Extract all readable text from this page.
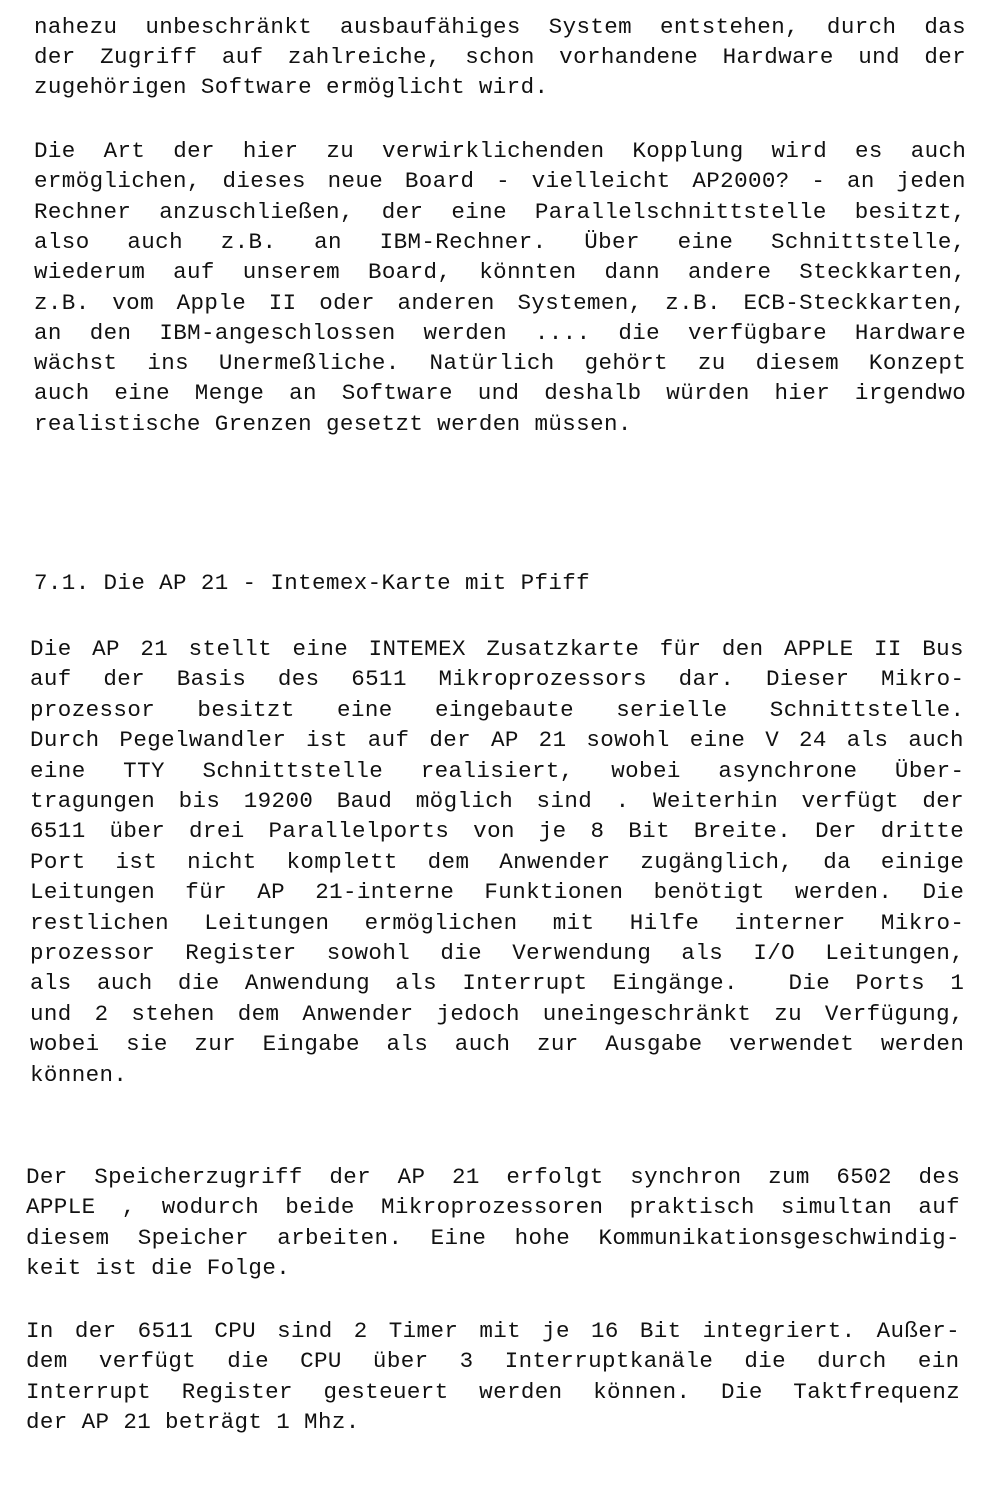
nahezu unbeschränkt ausbaufähiges System entstehen, durch das
der Zugriff auf zahlreiche, schon vorhandene Hardware und der
zugehörigen Software ermöglicht wird.
Die Art der hier zu verwirklichenden Kopplung wird es auch
ermöglichen, dieses neue Board - vielleicht AP2000? - an jeden
Rechner anzuschließen, der eine Parallelschnittstelle besitzt,
also auch z.B. an IBM-Rechner. Über eine Schnittstelle,
wiederum auf unserem Board, könnten dann andere Steckkarten,
z.B. vom Apple II oder anderen Systemen, z.B. ECB-Steckkarten,
an den IBM-angeschlossen werden .... die verfügbare Hardware
wächst ins Unermeßliche. Natürlich gehört zu diesem Konzept
auch eine Menge an Software und deshalb würden hier irgendwo
realistische Grenzen gesetzt werden müssen.
7.1. Die AP 21 - Intemex-Karte mit Pfiff
Die AP 21 stellt eine INTEMEX Zusatzkarte für den APPLE II Bus
auf der Basis des 6511 Mikroprozessors dar. Dieser Mikro-
prozessor besitzt eine eingebaute serielle Schnittstelle.
Durch Pegelwandler ist auf der AP 21 sowohl eine V 24 als auch
eine TTY Schnittstelle realisiert, wobei asynchrone Über-
tragungen bis 19200 Baud möglich sind . Weiterhin verfügt der
6511 über drei Parallelports von je 8 Bit Breite. Der dritte
Port ist nicht komplett dem Anwender zugänglich, da einige
Leitungen für AP 21-interne Funktionen benötigt werden. Die
restlichen Leitungen ermöglichen mit Hilfe interner Mikro-
prozessor Register sowohl die Verwendung als I/O Leitungen,
als auch die Anwendung als Interrupt Eingänge.  Die Ports 1
und 2 stehen dem Anwender jedoch uneingeschränkt zu Verfügung,
wobei sie zur Eingabe als auch zur Ausgabe verwendet werden
können.
Der Speicherzugriff der AP 21 erfolgt synchron zum 6502 des
APPLE , wodurch beide Mikroprozessoren praktisch simultan auf
diesem Speicher arbeiten. Eine hohe Kommunikationsgeschwindig-
keit ist die Folge.
In der 6511 CPU sind 2 Timer mit je 16 Bit integriert. Außer-
dem verfügt die CPU über 3 Interruptkanäle die durch ein
Interrupt Register gesteuert werden können. Die Taktfrequenz
der AP 21 beträgt 1 Mhz.
